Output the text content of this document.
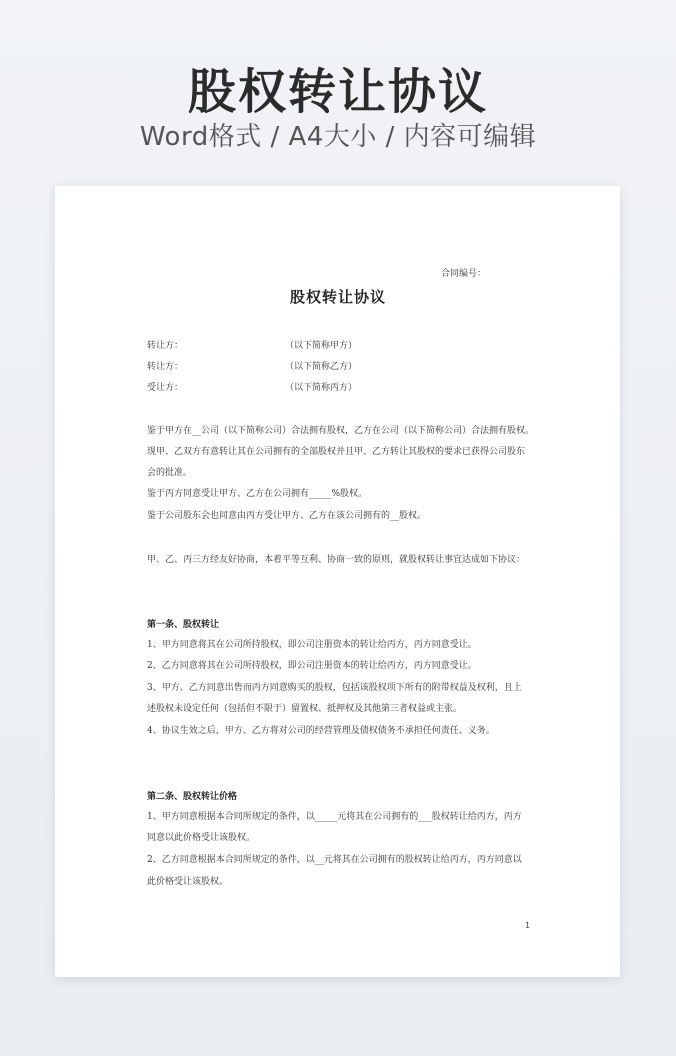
股权转让协议
Word格式 / A4大小 / 内容可编辑
合同编号：
股权转让协议
转让方：	（以下简称甲方）
转让方：	（以下简称乙方）
受让方：	（以下简称丙方）
鉴于甲方在__公司（以下简称公司）合法拥有股权，乙方在公司（以下简称公司）合法拥有股权。
现甲、乙双方有意转让其在公司拥有的全部股权并且甲、乙方转让其股权的要求已获得公司股东
会的批准。
鉴于丙方同意受让甲方、乙方在公司拥有_____%股权。
鉴于公司股东会也同意由丙方受让甲方、乙方在该公司拥有的__股权。
甲、乙、丙三方经友好协商，本着平等互利、协商一致的原则，就股权转让事宜达成如下协议：
第一条、股权转让
1、甲方同意将其在公司所持股权，即公司注册资本的转让给丙方，丙方同意受让。
2、乙方同意将其在公司所持股权，即公司注册资本的转让给丙方，丙方同意受让。
3、甲方、乙方同意出售而丙方同意购买的股权，包括该股权项下所有的附带权益及权利，且上
述股权未设定任何（包括但不限于）留置权、抵押权及其他第三者权益或主张。
4、协议生效之后，甲方、乙方将对公司的经营管理及债权债务不承担任何责任、义务。
第二条、股权转让价格
1、甲方同意根据本合同所规定的条件，以_____元将其在公司拥有的___股权转让给丙方，丙方
同意以此价格受让该股权。
2、乙方同意根据本合同所规定的条件，以__元将其在公司拥有的股权转让给丙方，丙方同意以
此价格受让该股权。
1
